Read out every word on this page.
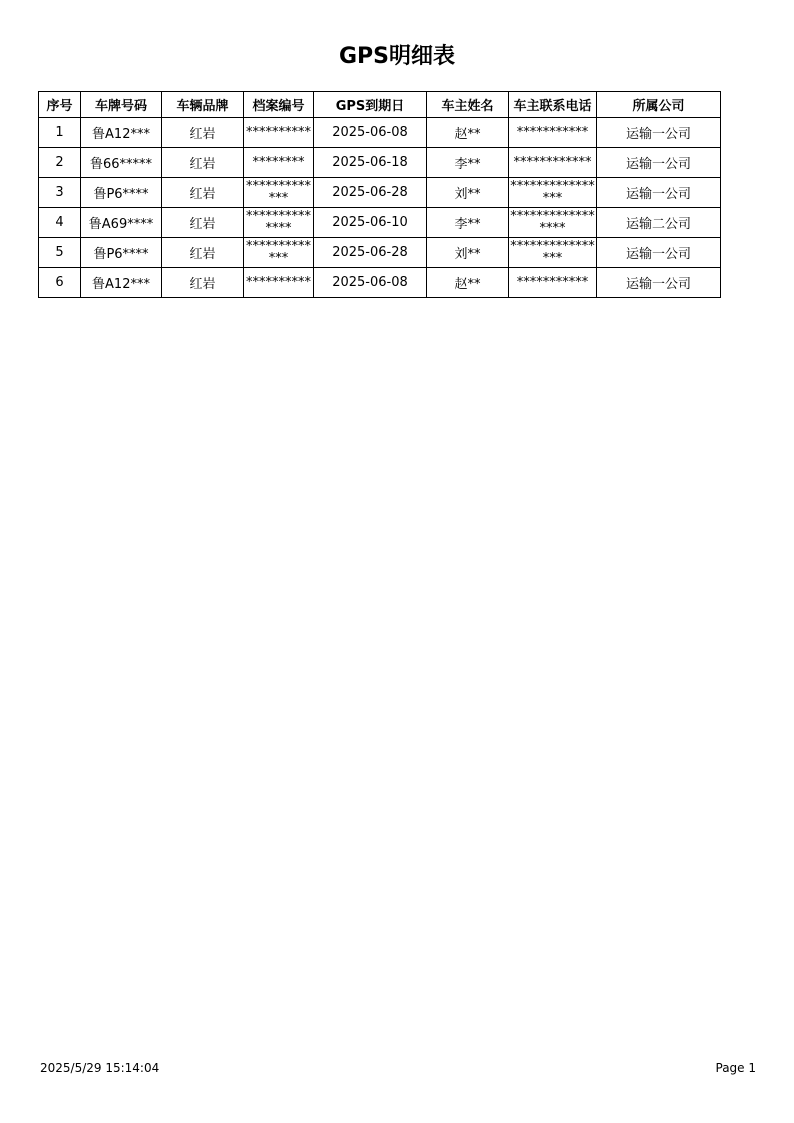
GPS明细表
序号	车牌号码	车辆品牌	档案编号	GPS到期日	车主姓名	车主联系电话	所属公司
1	鲁A12***	红岩	**********	2025-06-08	赵**	***********	运输一公司
2	鲁66*****	红岩	********	2025-06-18	李**	************	运输一公司
3	鲁P6****	红岩	*************	2025-06-28	刘**	****************	运输一公司
4	鲁A69****	红岩	**************	2025-06-10	李**	*****************	运输二公司
5	鲁P6****	红岩	*************	2025-06-28	刘**	****************	运输一公司
6	鲁A12***	红岩	**********	2025-06-08	赵**	***********	运输一公司
2025/5/29 15:14:04	Page 1
